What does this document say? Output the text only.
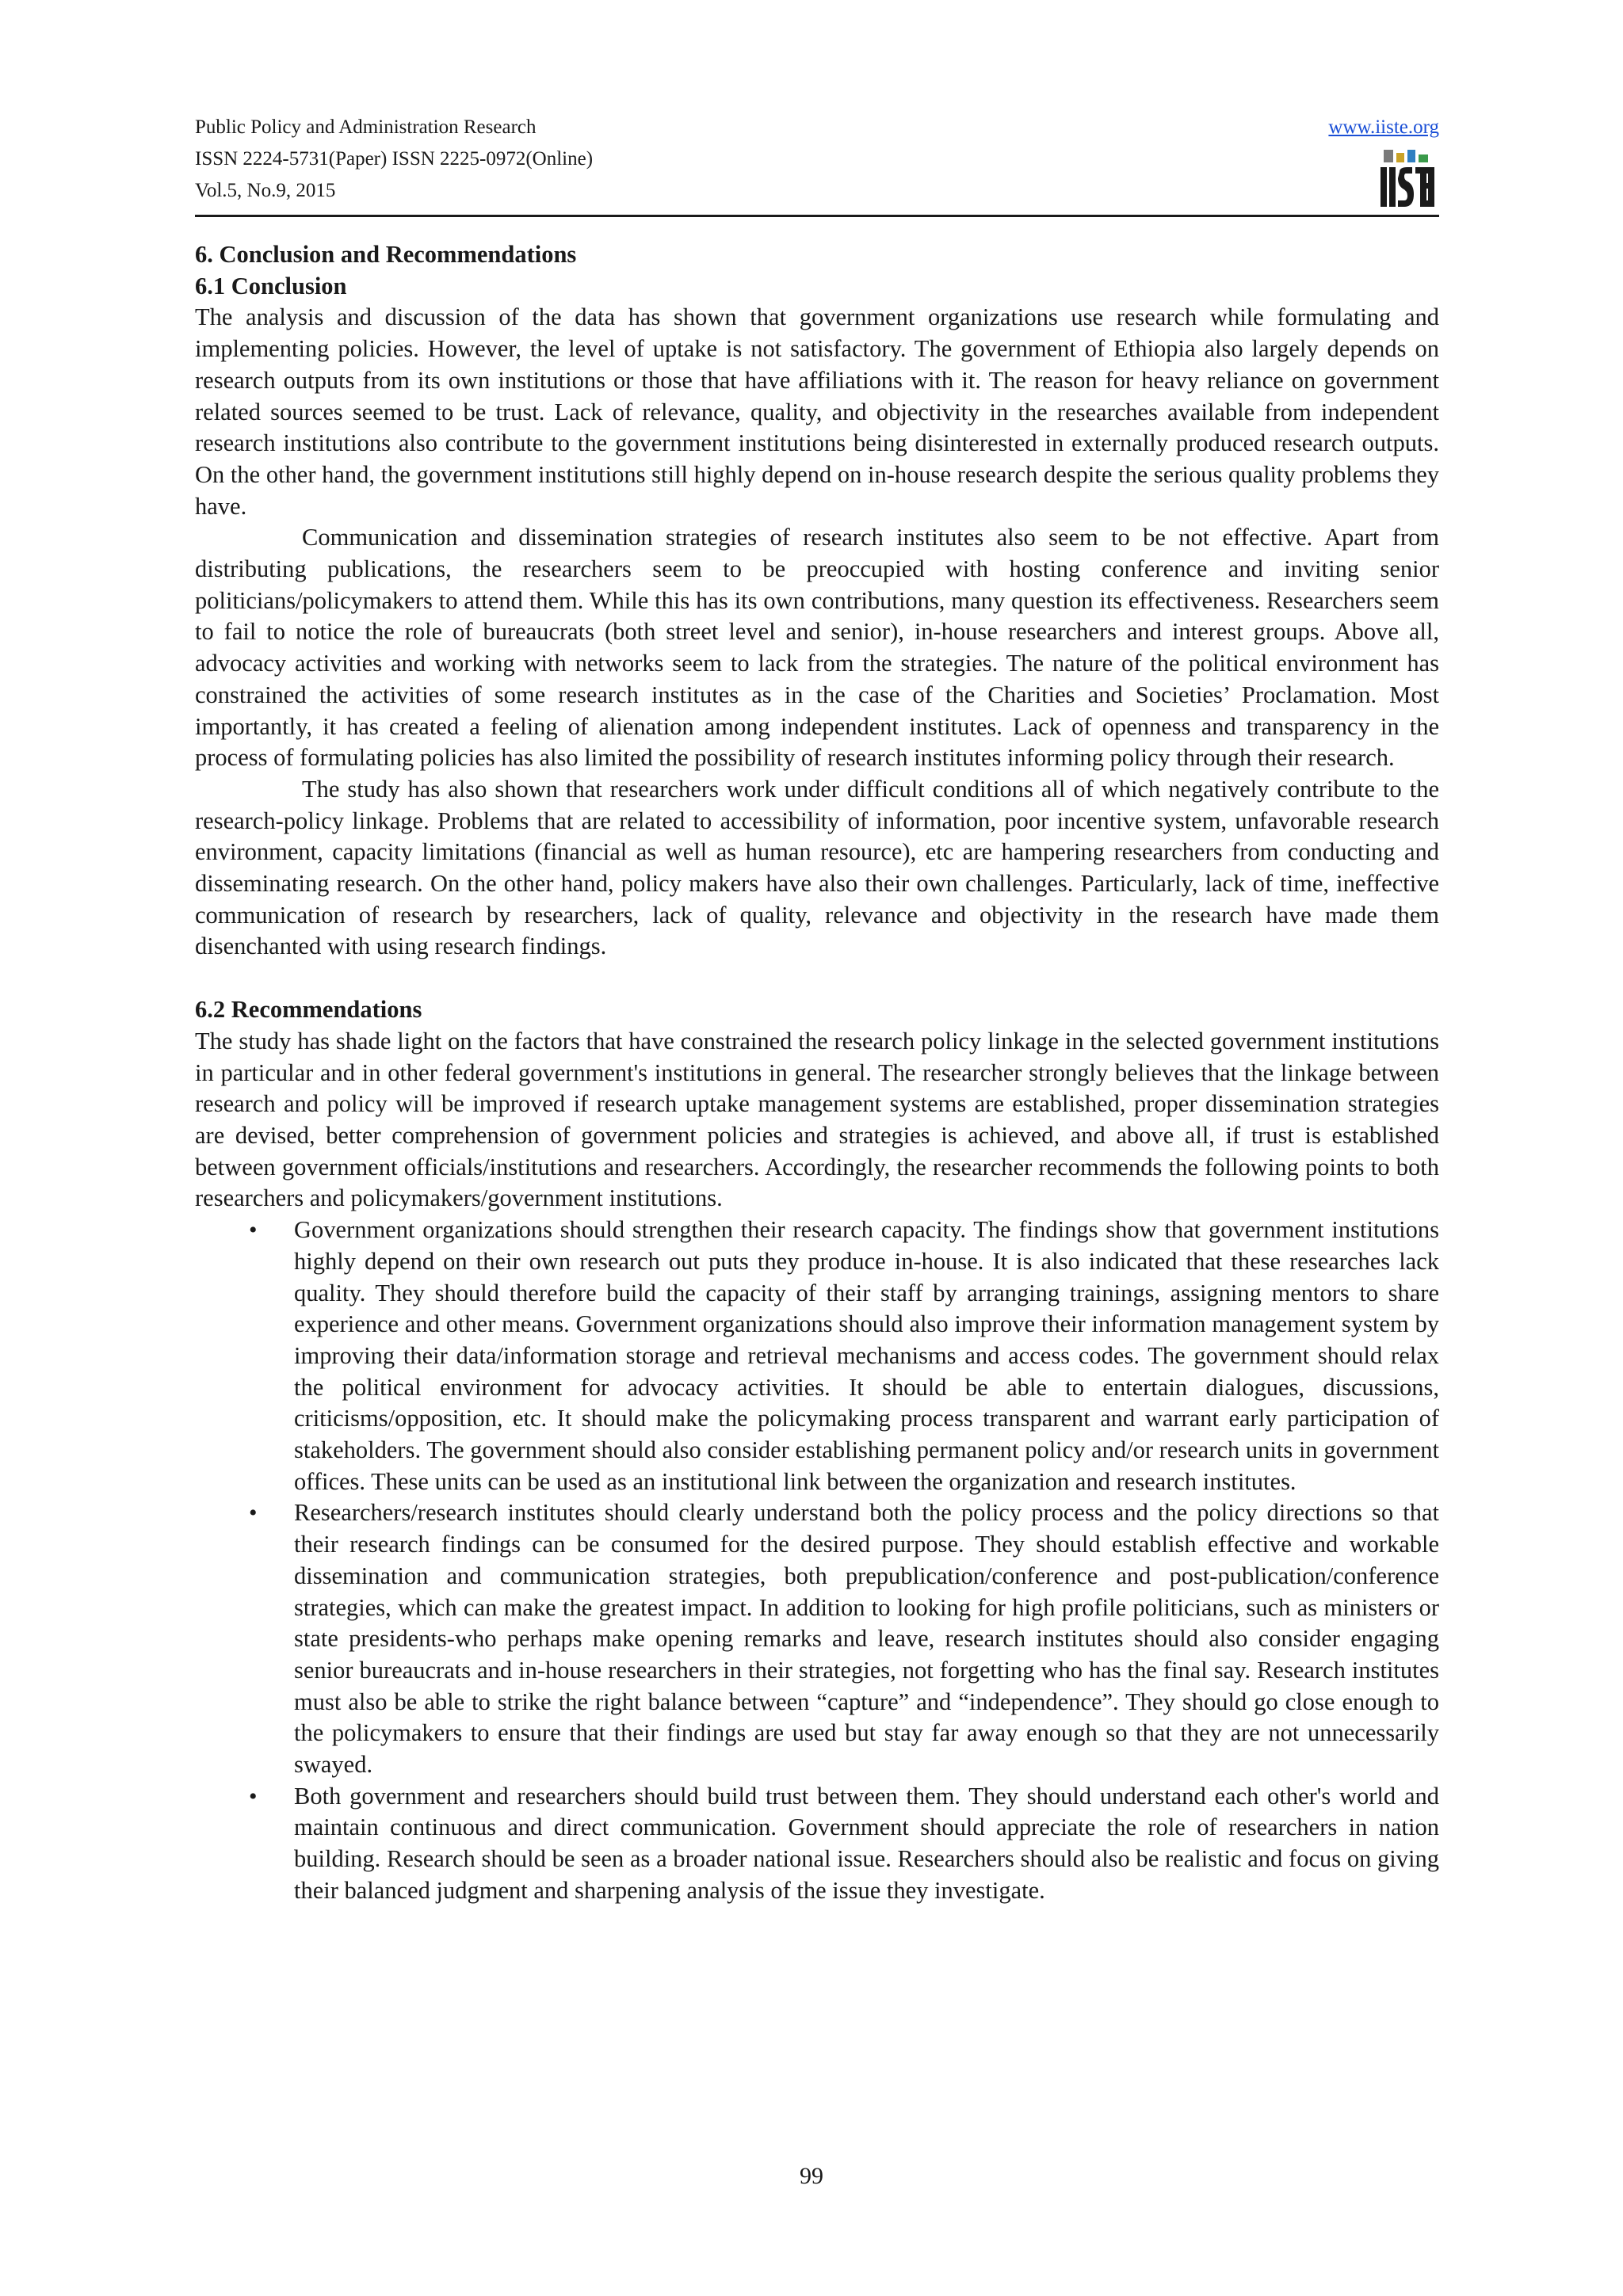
Public Policy and Administration Research
ISSN 2224-5731(Paper) ISSN 2225-0972(Online)
Vol.5, No.9, 2015
www.iiste.org

6. Conclusion and Recommendations

6.1 Conclusion

The analysis and discussion of the data has shown that government organizations use research while formulating and implementing policies. However, the level of uptake is not satisfactory. The government of Ethiopia also largely depends on research outputs from its own institutions or those that have affiliations with it. The reason for heavy reliance on government related sources seemed to be trust. Lack of relevance, quality, and objectivity in the researches available from independent research institutions also contribute to the government institutions being disinterested in externally produced research outputs. On the other hand, the government institutions still highly depend on in-house research despite the serious quality problems they have.

Communication and dissemination strategies of research institutes also seem to be not effective. Apart from distributing publications, the researchers seem to be preoccupied with hosting conference and inviting senior politicians/policymakers to attend them. While this has its own contributions, many question its effectiveness. Researchers seem to fail to notice the role of bureaucrats (both street level and senior), in-house researchers and interest groups. Above all, advocacy activities and working with networks seem to lack from the strategies. The nature of the political environment has constrained the activities of some research institutes as in the case of the Charities and Societies’ Proclamation. Most importantly, it has created a feeling of alienation among independent institutes. Lack of openness and transparency in the process of formulating policies has also limited the possibility of research institutes informing policy through their research.

The study has also shown that researchers work under difficult conditions all of which negatively contribute to the research-policy linkage. Problems that are related to accessibility of information, poor incentive system, unfavorable research environment, capacity limitations (financial as well as human resource), etc are hampering researchers from conducting and disseminating research. On the other hand, policy makers have also their own challenges. Particularly, lack of time, ineffective communication of research by researchers, lack of quality, relevance and objectivity in the research have made them disenchanted with using research findings.

6.2 Recommendations

The study has shade light on the factors that have constrained the research policy linkage in the selected government institutions in particular and in other federal government's institutions in general. The researcher strongly believes that the linkage between research and policy will be improved if research uptake management systems are established, proper dissemination strategies are devised, better comprehension of government policies and strategies is achieved, and above all, if trust is established between government officials/institutions and researchers. Accordingly, the researcher recommends the following points to both researchers and policymakers/government institutions.

• Government organizations should strengthen their research capacity. The findings show that government institutions highly depend on their own research out puts they produce in-house. It is also indicated that these researches lack quality. They should therefore build the capacity of their staff by arranging trainings, assigning mentors to share experience and other means. Government organizations should also improve their information management system by improving their data/information storage and retrieval mechanisms and access codes. The government should relax the political environment for advocacy activities. It should be able to entertain dialogues, discussions, criticisms/opposition, etc. It should make the policymaking process transparent and warrant early participation of stakeholders. The government should also consider establishing permanent policy and/or research units in government offices. These units can be used as an institutional link between the organization and research institutes.
• Researchers/research institutes should clearly understand both the policy process and the policy directions so that their research findings can be consumed for the desired purpose. They should establish effective and workable dissemination and communication strategies, both prepublication/conference and post-publication/conference strategies, which can make the greatest impact. In addition to looking for high profile politicians, such as ministers or state presidents-who perhaps make opening remarks and leave, research institutes should also consider engaging senior bureaucrats and in-house researchers in their strategies, not forgetting who has the final say. Research institutes must also be able to strike the right balance between “capture” and “independence”. They should go close enough to the policymakers to ensure that their findings are used but stay far away enough so that they are not unnecessarily swayed.
• Both government and researchers should build trust between them. They should understand each other's world and maintain continuous and direct communication. Government should appreciate the role of researchers in nation building. Research should be seen as a broader national issue. Researchers should also be realistic and focus on giving their balanced judgment and sharpening analysis of the issue they investigate.
99
